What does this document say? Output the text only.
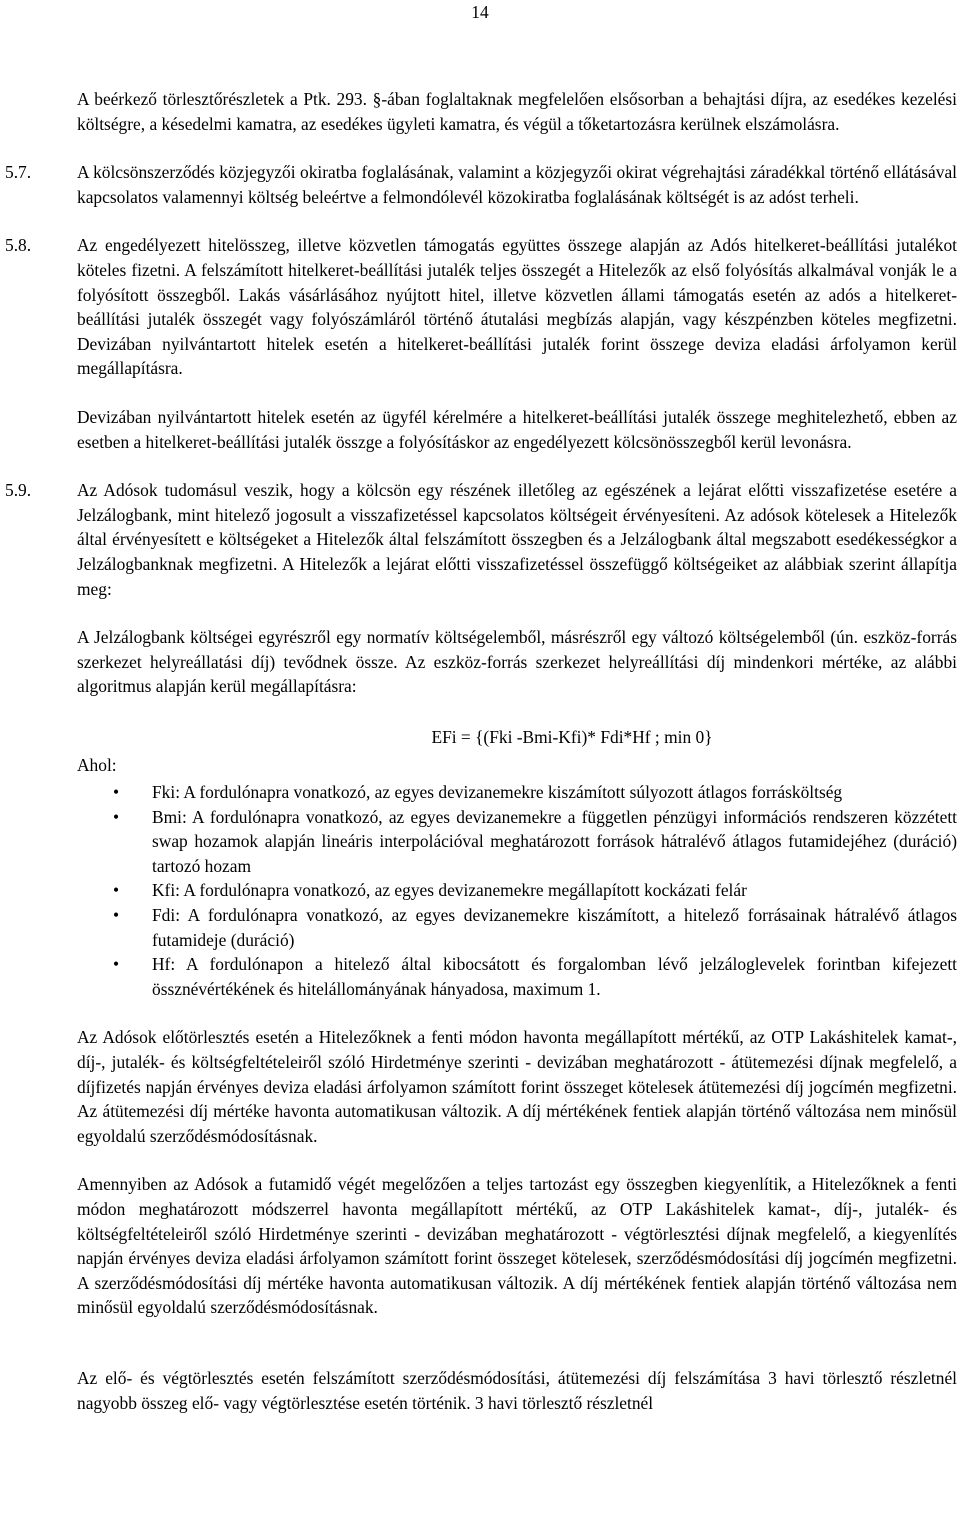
14

A beérkező törlesztőrészletek a Ptk. 293. §-ában foglaltaknak megfelelően elsősorban a behajtási díjra, az esedékes kezelési költségre, a késedelmi kamatra, az esedékes ügyleti kamatra, és végül a tőketartozásra kerülnek elszámolásra.

5.7.	A kölcsönszerződés közjegyzői okiratba foglalásának, valamint a közjegyzői okirat végrehajtási záradékkal történő ellátásával kapcsolatos valamennyi költség beleértve a felmondólevél közokiratba foglalásának költségét is az adóst terheli.

5.8.	Az engedélyezett hitelösszeg, illetve közvetlen támogatás együttes összege alapján az Adós hitelkeret-beállítási jutalékot köteles fizetni. A felszámított hitelkeret-beállítási jutalék teljes összegét a Hitelezők az első folyósítás alkalmával vonják le a folyósított összegből. Lakás vásárlásához nyújtott hitel, illetve közvetlen állami támogatás esetén az adós a hitelkeret-beállítási jutalék összegét vagy folyószámláról történő átutalási megbízás alapján, vagy készpénzben köteles megfizetni. Devizában nyilvántartott hitelek esetén a hitelkeret-beállítási jutalék forint összege deviza eladási árfolyamon kerül megállapításra.

Devizában nyilvántartott hitelek esetén az ügyfél kérelmére a hitelkeret-beállítási jutalék összege meghitelezhető, ebben az esetben a hitelkeret-beállítási jutalék összge a folyósításkor az engedélyezett kölcsönösszegből kerül levonásra.

5.9.	Az Adósok tudomásul veszik, hogy a kölcsön egy részének illetőleg az egészének a lejárat előtti visszafizetése esetére a Jelzálogbank, mint hitelező jogosult a visszafizetéssel kapcsolatos költségeit érvényesíteni. Az adósok kötelesek a Hitelezők által érvényesített e költségeket a Hitelezők által felszámított összegben és a Jelzálogbank által megszabott esedékességkor a Jelzálogbanknak megfizetni. A Hitelezők a lejárat előtti visszafizetéssel összefüggő költségeiket az alábbiak szerint állapítja meg:

A Jelzálogbank költségei egyrészről egy normatív költségelemből, másrészről egy változó költségelemből (ún. eszköz-forrás szerkezet helyreállatási díj) tevődnek össze. Az eszköz-forrás szerkezet helyreállítási díj mindenkori mértéke, az alábbi algoritmus alapján kerül megállapításra:

EFi = {(Fki -Bmi-Kfi)* Fdi*Hf ; min 0}

Ahol:

• Fki: A fordulónapra vonatkozó, az egyes devizanemekre kiszámított súlyozott átlagos forrásköltség
• Bmi: A fordulónapra vonatkozó, az egyes devizanemekre a független pénzügyi információs rendszeren közzétett swap hozamok alapján lineáris interpolációval meghatározott források hátralévő átlagos futamidejéhez (duráció) tartozó hozam
• Kfi: A fordulónapra vonatkozó, az egyes devizanemekre megállapított kockázati felár
• Fdi: A fordulónapra vonatkozó, az egyes devizanemekre kiszámított, a hitelező forrásainak hátralévő átlagos futamideje (duráció)
• Hf: A fordulónapon a hitelező által kibocsátott és forgalomban lévő jelzáloglevelek forintban kifejezett össznévértékének és hitelállományának hányadosa, maximum 1.

Az Adósok előtörlesztés esetén a Hitelezőknek a fenti módon havonta megállapított mértékű, az OTP Lakáshitelek kamat-, díj-, jutalék- és költségfeltételeiről szóló Hirdetménye szerinti - devizában meghatározott - átütemezési díjnak megfelelő, a díjfizetés napján érvényes deviza eladási árfolyamon számított forint összeget kötelesek átütemezési díj jogcímén megfizetni. Az átütemezési díj mértéke havonta automatikusan változik. A díj mértékének fentiek alapján történő változása nem minősül egyoldalú szerződésmódosításnak.

Amennyiben az Adósok a futamidő végét megelőzően a teljes tartozást egy összegben kiegyenlítik, a Hitelezőknek a fenti módon meghatározott módszerrel havonta megállapított mértékű, az OTP Lakáshitelek kamat-, díj-, jutalék- és költségfeltételeiről szóló Hirdetménye szerinti - devizában meghatározott - végtörlesztési díjnak megfelelő, a kiegyenlítés napján érvényes deviza eladási árfolyamon számított forint összeget kötelesek, szerződésmódosítási díj jogcímén megfizetni. A szerződésmódosítási díj mértéke havonta automatikusan változik. A díj mértékének fentiek alapján történő változása nem minősül egyoldalú szerződésmódosításnak.

Az elő- és végtörlesztés esetén felszámított szerződésmódosítási, átütemezési díj felszámítása 3 havi törlesztő részletnél nagyobb összeg elő- vagy végtörlesztése esetén történik. 3 havi törlesztő részletnél
